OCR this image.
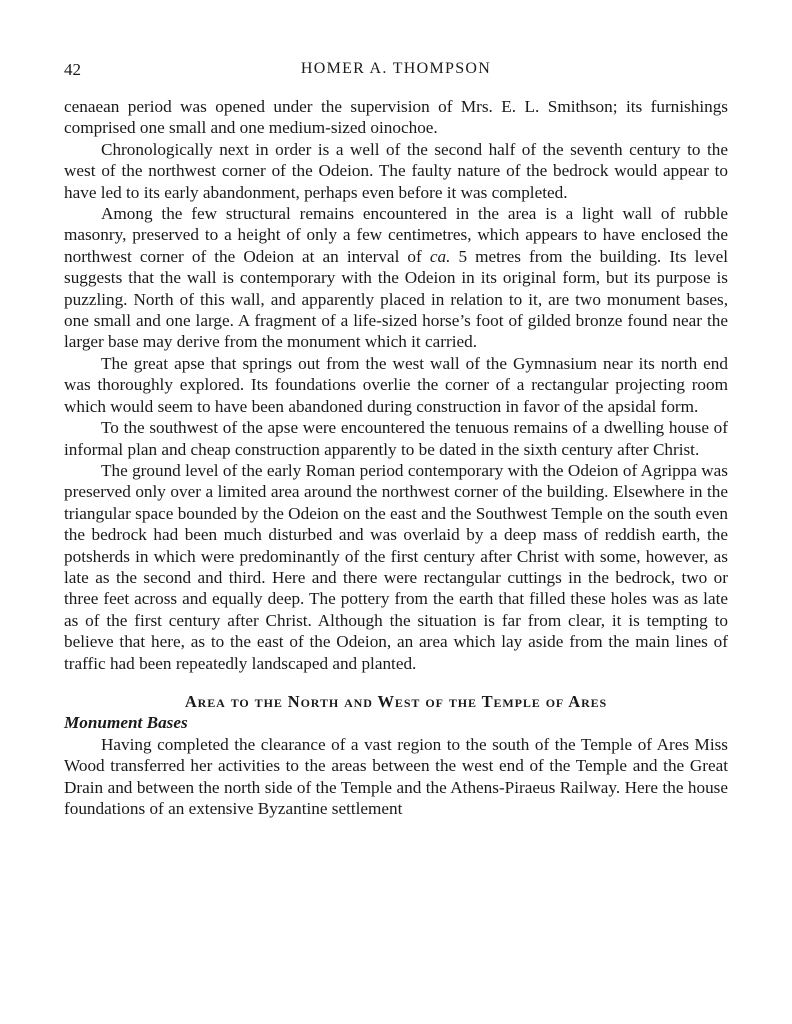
42	HOMER A. THOMPSON

cenaean period was opened under the supervision of Mrs. E. L. Smithson; its furnishings comprised one small and one medium-sized oinochoe.

Chronologically next in order is a well of the second half of the seventh century to the west of the northwest corner of the Odeion. The faulty nature of the bedrock would appear to have led to its early abandonment, perhaps even before it was completed.

Among the few structural remains encountered in the area is a light wall of rubble masonry, preserved to a height of only a few centimetres, which appears to have enclosed the northwest corner of the Odeion at an interval of ca. 5 metres from the building. Its level suggests that the wall is contemporary with the Odeion in its original form, but its purpose is puzzling. North of this wall, and apparently placed in relation to it, are two monument bases, one small and one large. A fragment of a life-sized horse’s foot of gilded bronze found near the larger base may derive from the monument which it carried.

The great apse that springs out from the west wall of the Gymnasium near its north end was thoroughly explored. Its foundations overlie the corner of a rectangular projecting room which would seem to have been abandoned during construction in favor of the apsidal form.

To the southwest of the apse were encountered the tenuous remains of a dwelling house of informal plan and cheap construction apparently to be dated in the sixth century after Christ.

The ground level of the early Roman period contemporary with the Odeion of Agrippa was preserved only over a limited area around the northwest corner of the building. Elsewhere in the triangular space bounded by the Odeion on the east and the Southwest Temple on the south even the bedrock had been much disturbed and was overlaid by a deep mass of reddish earth, the potsherds in which were predominantly of the first century after Christ with some, however, as late as the second and third. Here and there were rectangular cuttings in the bedrock, two or three feet across and equally deep. The pottery from the earth that filled these holes was as late as of the first century after Christ. Although the situation is far from clear, it is tempting to believe that here, as to the east of the Odeion, an area which lay aside from the main lines of traffic had been repeatedly landscaped and planted.

Area to the North and West of the Temple of Ares
Monument Bases

Having completed the clearance of a vast region to the south of the Temple of Ares Miss Wood transferred her activities to the areas between the west end of the Temple and the Great Drain and between the north side of the Temple and the Athens-Piraeus Railway. Here the house foundations of an extensive Byzantine settlement
